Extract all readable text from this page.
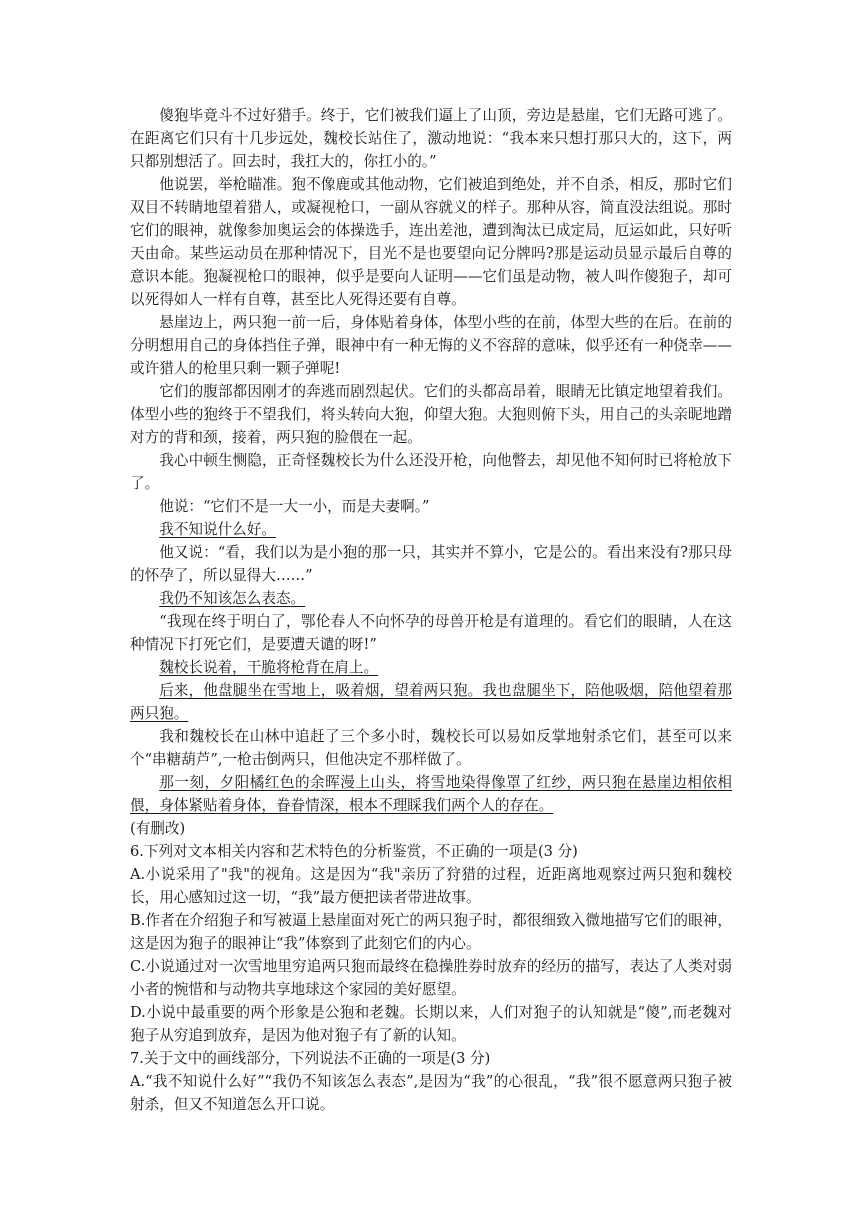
傻狍毕竟斗不过好猎手。终于，它们被我们逼上了山顶，旁边是悬崖，它们无路可逃了。在距离它们只有十几步远处，魏校长站住了，激动地说：“我本来只想打那只大的，这下，两只都别想活了。回去时，我扛大的，你扛小的。”

他说罢，举枪瞄准。狍不像鹿或其他动物，它们被追到绝处，并不自杀，相反，那时它们双目不转睛地望着猎人，或凝视枪口，一副从容就义的样子。那种从容，简直没法组说。那时它们的眼神，就像参加奥运会的体操选手，连出差池，遭到淘汰已成定局，厄运如此，只好听天由命。某些运动员在那种情况下，目光不是也要望向记分牌吗?那是运动员显示最后自尊的意识本能。狍凝视枪口的眼神，似乎是要向人证明——它们虽是动物，被人叫作傻狍子，却可以死得如人一样有自尊，甚至比人死得还要有自尊。

悬崖边上，两只狍一前一后，身体贴着身体，体型小些的在前，体型大些的在后。在前的分明想用自己的身体挡住子弹，眼神中有一种无悔的义不容辞的意味，似乎还有一种侥幸——或许猎人的枪里只剩一颗子弹呢!

它们的腹部都因刚才的奔逃而剧烈起伏。它们的头都高昂着，眼睛无比镇定地望着我们。体型小些的狍终于不望我们，将头转向大狍，仰望大狍。大狍则俯下头，用自己的头亲昵地蹭对方的背和颈，接着，两只狍的脸偎在一起。

我心中顿生恻隐，正奇怪魏校长为什么还没开枪，向他瞥去，却见他不知何时已将枪放下了。

他说：“它们不是一大一小，而是夫妻啊。”

我不知说什么好。

他又说：“看，我们以为是小狍的那一只，其实并不算小，它是公的。看出来没有?那只母的怀孕了，所以显得大……”

我仍不知该怎么表态。

“我现在终于明白了，鄂伦春人不向怀孕的母兽开枪是有道理的。看它们的眼睛，人在这种情况下打死它们，是要遭天谴的呀!”

魏校长说着，干脆将枪背在肩上。

后来，他盘腿坐在雪地上，吸着烟，望着两只狍。我也盘腿坐下，陪他吸烟，陪他望着那两只狍。

我和魏校长在山林中追赶了三个多小时，魏校长可以易如反掌地射杀它们，甚至可以来个“串糖葫芦”,一枪击倒两只，但他决定不那样做了。

那一刻，夕阳橘红色的余晖漫上山头，将雪地染得像罩了红纱，两只狍在悬崖边相依相偎，身体紧贴着身体，眷眷情深，根本不理睬我们两个人的存在。

(有删改)

6.下列对文本相关内容和艺术特色的分析鉴赏，不正确的一项是(3 分)

A.小说采用了"我"的视角。这是因为“我"亲历了狩猎的过程，近距离地观察过两只狍和魏校长，用心感知过这一切，“我”最方便把读者带进故事。

B.作者在介绍狍子和写被逼上悬崖面对死亡的两只狍子时，都很细致入微地描写它们的眼神，这是因为狍子的眼神让“我”体察到了此刻它们的内心。

C.小说通过对一次雪地里穷追两只狍而最终在稳操胜券时放弃的经历的描写，表达了人类对弱小者的惋惜和与动物共享地球这个家园的美好愿望。

D.小说中最重要的两个形象是公狍和老魏。长期以来，人们对狍子的认知就是“傻”,而老魏对狍子从穷追到放弃，是因为他对狍子有了新的认知。

7.关于文中的画线部分，下列说法不正确的一项是(3 分)

A.“我不知说什么好”“我仍不知该怎么表态”,是因为“我”的心很乱，“我”很不愿意两只狍子被射杀，但又不知道怎么开口说。
